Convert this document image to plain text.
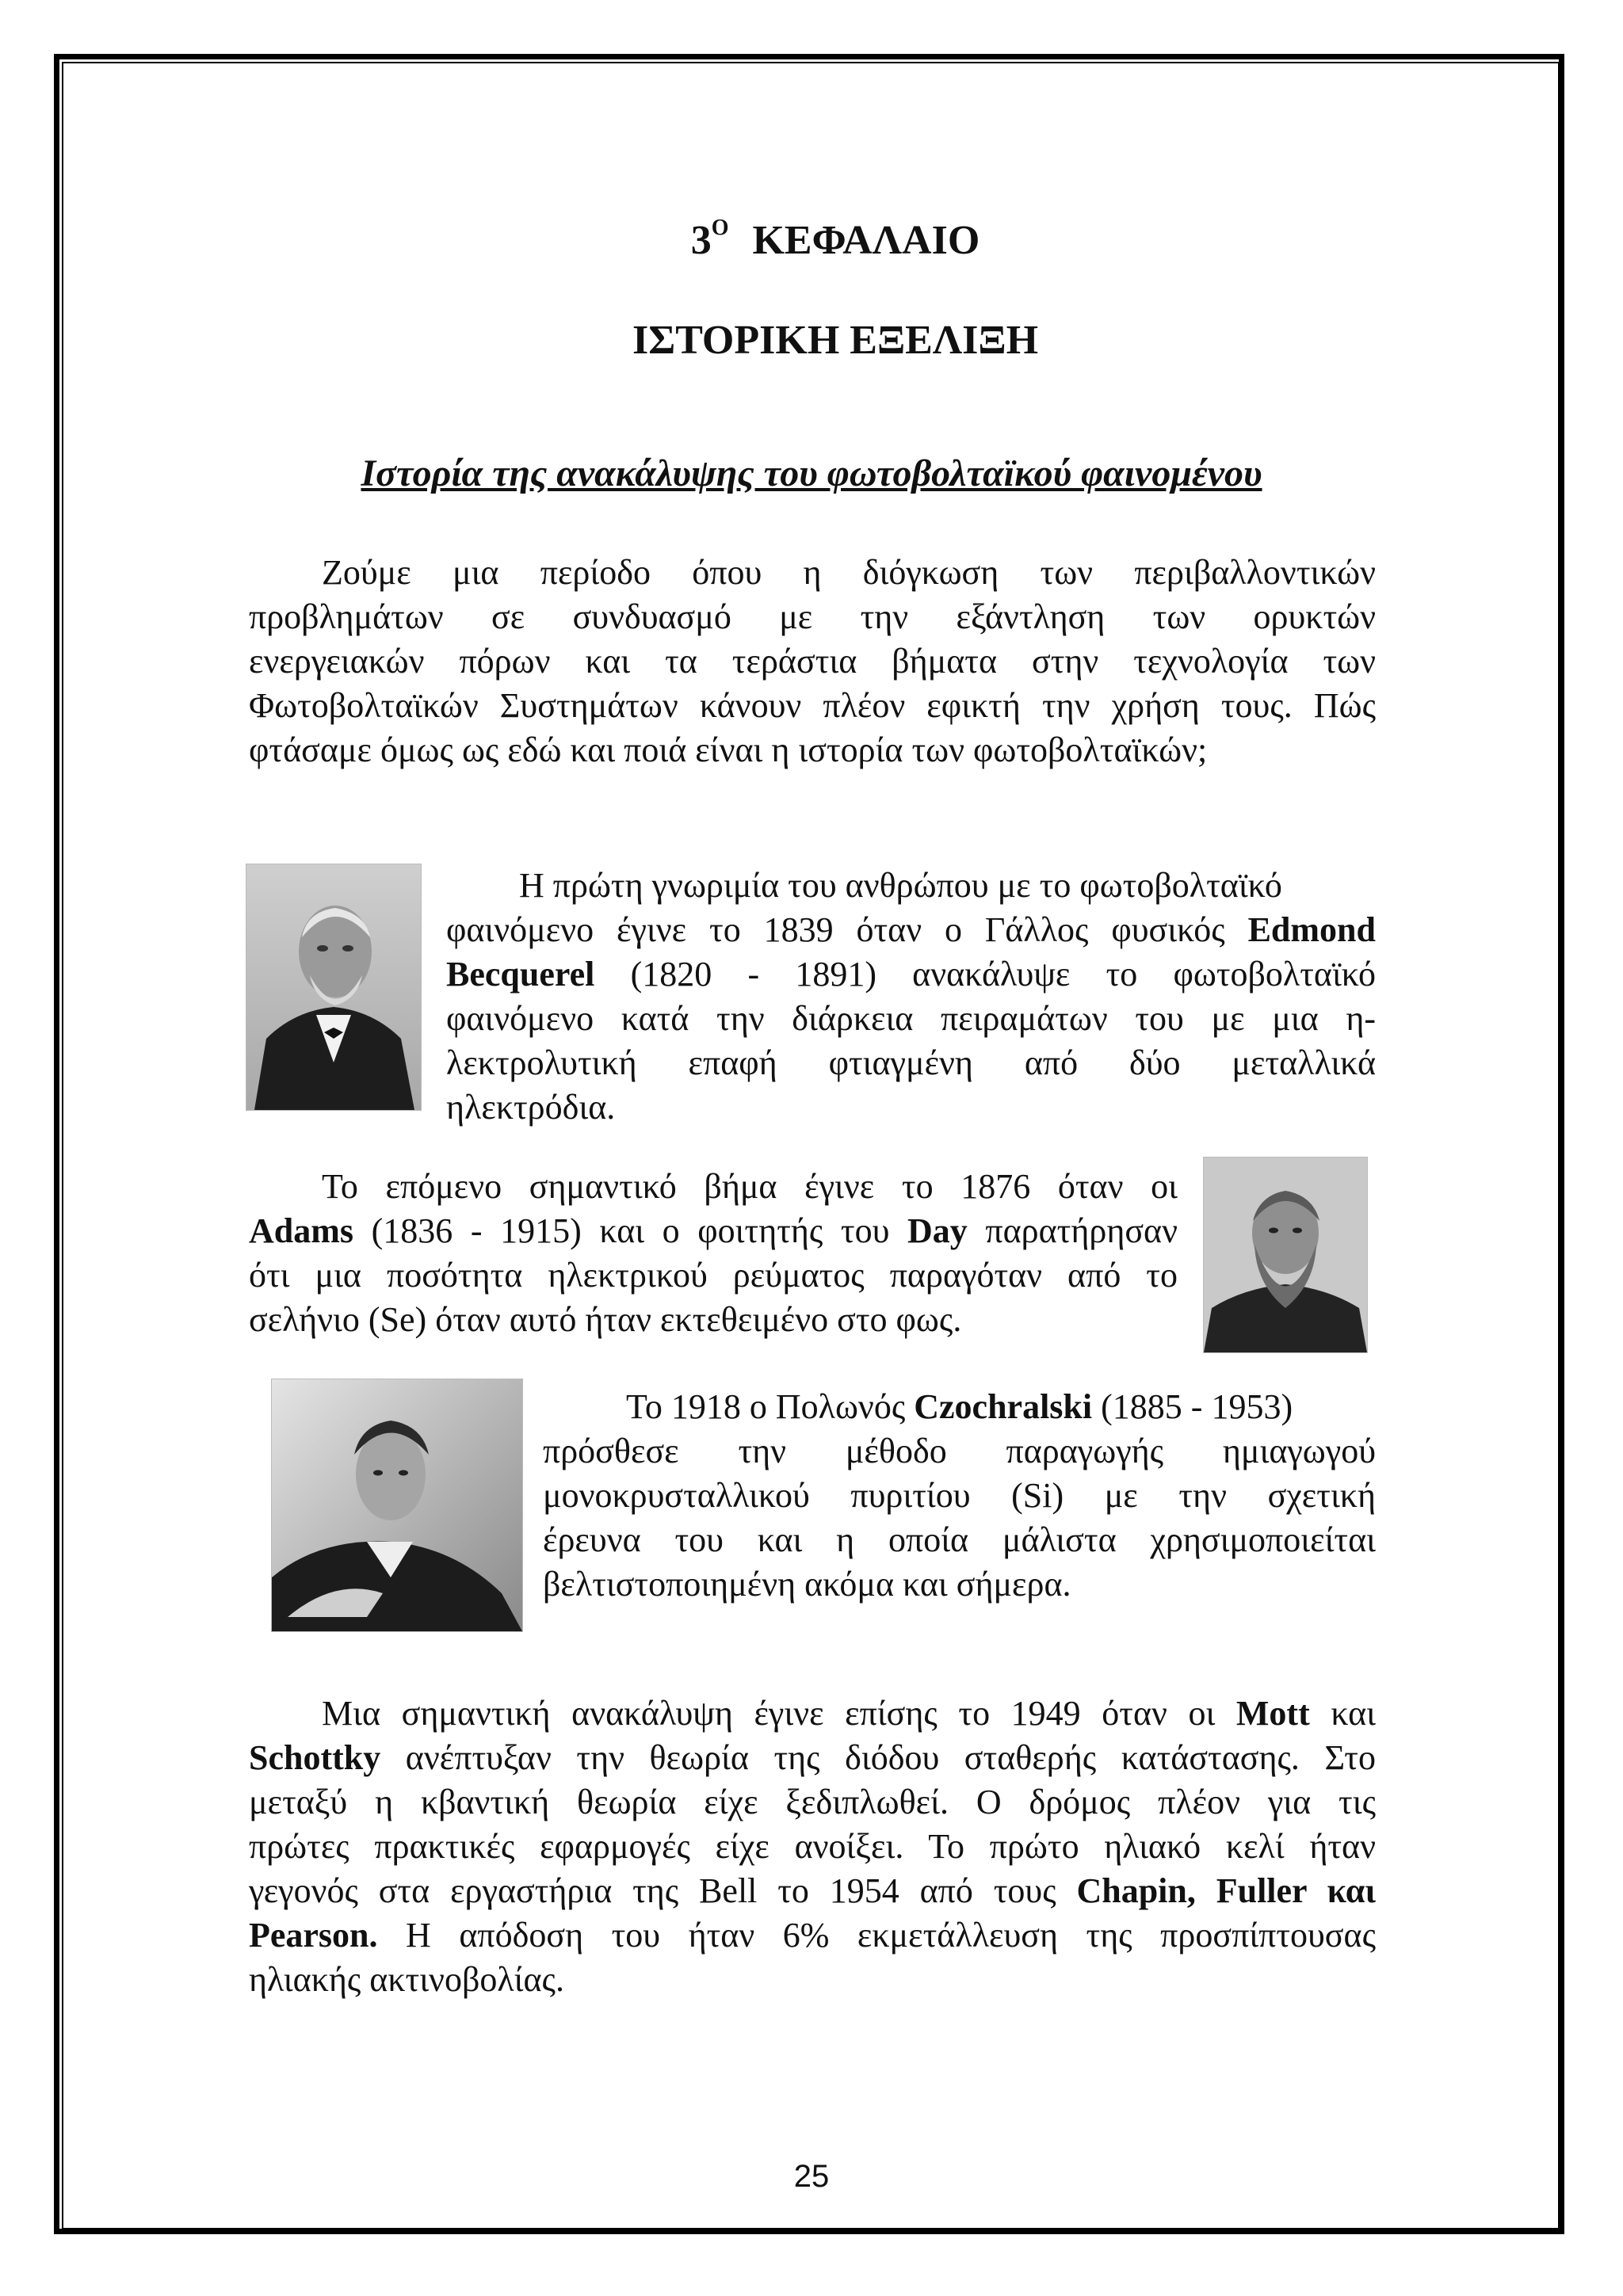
$3^O$ ΚΕΦΑΛΑΙΟ
ΙΣΤΟΡΙΚΗ ΕΞΕΛΙΞΗ
Ιστορία της ανακάλυψης του φωτοβολταϊκού φαινομένου
Ζούμε μια περίοδο όπου η διόγκωση των περιβαλλοντικών
προβλημάτων σε συνδυασμό με την εξάντληση των ορυκτών
ενεργειακών πόρων και τα τεράστια βήματα στην τεχνολογία των
Φωτοβολταϊκών Συστημάτων κάνουν πλέον εφικτή την χρήση τους. Πώς
φτάσαμε όμως ως εδώ και ποιά είναι η ιστορία των φωτοβολταϊκών;
Η πρώτη γνωριμία του ανθρώπου με το φωτοβολταϊκό
φαινόμενο έγινε το 1839 όταν ο Γάλλος φυσικός Edmond
Becquerel (1820 - 1891) ανακάλυψε το φωτοβολταϊκό
φαινόμενο κατά την διάρκεια πειραμάτων του με μια η-
λεκτρολυτική επαφή φτιαγμένη από δύο μεταλλικά
ηλεκτρόδια.
Το επόμενο σημαντικό βήμα έγινε το 1876 όταν οι
Adams (1836 - 1915) και ο φοιτητής του Day παρατήρησαν
ότι μια ποσότητα ηλεκτρικού ρεύματος παραγόταν από το
σελήνιο (Se) όταν αυτό ήταν εκτεθειμένο στο φως.
Το 1918 ο Πολωνός Czochralski (1885 - 1953)
πρόσθεσε την μέθοδο παραγωγής ημιαγωγού
μονοκρυσταλλικού πυριτίου (Si) με την σχετική
έρευνα του και η οποία μάλιστα χρησιμοποιείται
βελτιστοποιημένη ακόμα και σήμερα.
Μια σημαντική ανακάλυψη έγινε επίσης το 1949 όταν οι Mott και
Schottky ανέπτυξαν την θεωρία της διόδου σταθερής κατάστασης. Στο
μεταξύ η κβαντική θεωρία είχε ξεδιπλωθεί. Ο δρόμος πλέον για τις
πρώτες πρακτικές εφαρμογές είχε ανοίξει. Το πρώτο ηλιακό κελί ήταν
γεγονός στα εργαστήρια της Bell το 1954 από τους Chapin, Fuller και
Pearson. Η απόδοση του ήταν 6% εκμετάλλευση της προσπίπτουσας
ηλιακής ακτινοβολίας.
25
